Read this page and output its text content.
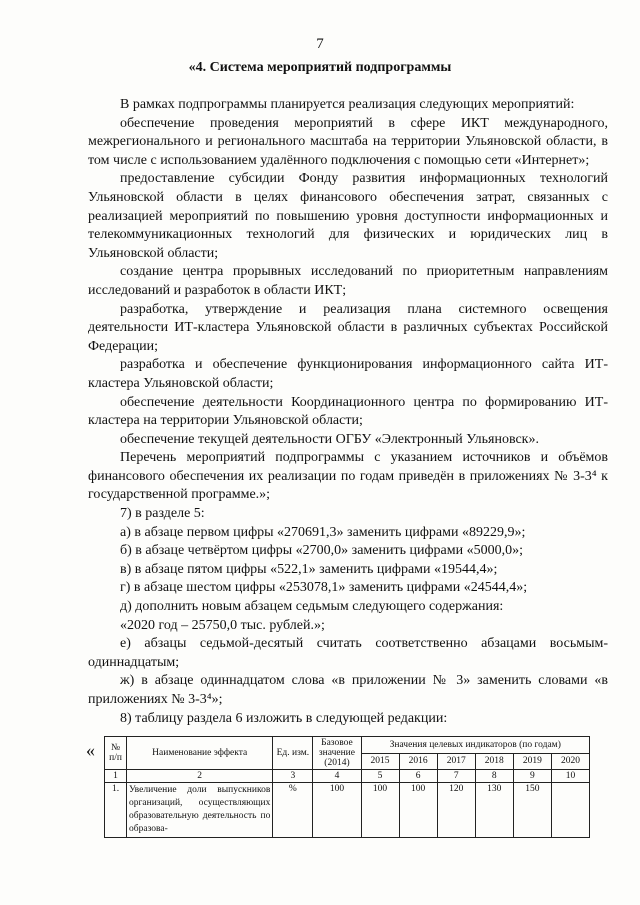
7
«4. Система мероприятий подпрограммы

В рамках подпрограммы планируется реализация следующих мероприятий:

обеспечение проведения мероприятий в сфере ИКТ международного, межрегионального и регионального масштаба на территории Ульяновской области, в том числе с использованием удалённого подключения с помощью сети «Интернет»;

предоставление субсидии Фонду развития информационных технологий Ульяновской области в целях финансового обеспечения затрат, связанных с реализацией мероприятий по повышению уровня доступности информационных и телекоммуникационных технологий для физических и юридических лиц в Ульяновской области;

создание центра прорывных исследований по приоритетным направлениям исследований и разработок в области ИКТ;

разработка, утверждение и реализация плана системного освещения деятельности ИТ-кластера Ульяновской области в различных субъектах Российской Федерации;

разработка и обеспечение функционирования информационного сайта ИТ-кластера Ульяновской области;

обеспечение деятельности Координационного центра по формированию ИТ-кластера на территории Ульяновской области;

обеспечение текущей деятельности ОГБУ «Электронный Ульяновск».

Перечень мероприятий подпрограммы с указанием источников и объёмов финансового обеспечения их реализации по годам приведён в приложениях № 3-3⁴ к государственной программе.»;

7) в разделе 5:

а) в абзаце первом цифры «270691,3» заменить цифрами «89229,9»;

б) в абзаце четвёртом цифры «2700,0» заменить цифрами «5000,0»;

в) в абзаце пятом цифры «522,1» заменить цифрами «19544,4»;

г) в абзаце шестом цифры «253078,1» заменить цифрами «24544,4»;

д) дополнить новым абзацем седьмым следующего содержания:

«2020 год – 25750,0 тыс. рублей.»;

е) абзацы седьмой-десятый считать соответственно абзацами восьмым-одиннадцатым;

ж) в абзаце одиннадцатом слова «в приложении № 3» заменить словами «в приложениях № 3-3⁴»;

8) таблицу раздела 6 изложить в следующей редакции:

« № п/п	Наименование эффекта	Ед. изм.	Базовое значение (2014)	Значения целевых индикаторов (по годам)					
				2015	2016	2017	2018	2019	2020
1	2	3	4	5	6	7	8	9	10
1.	Увеличение доли выпускников организаций, осуществляющих образовательную деятельность по образова-	%	100	100	100	120	130	150	
